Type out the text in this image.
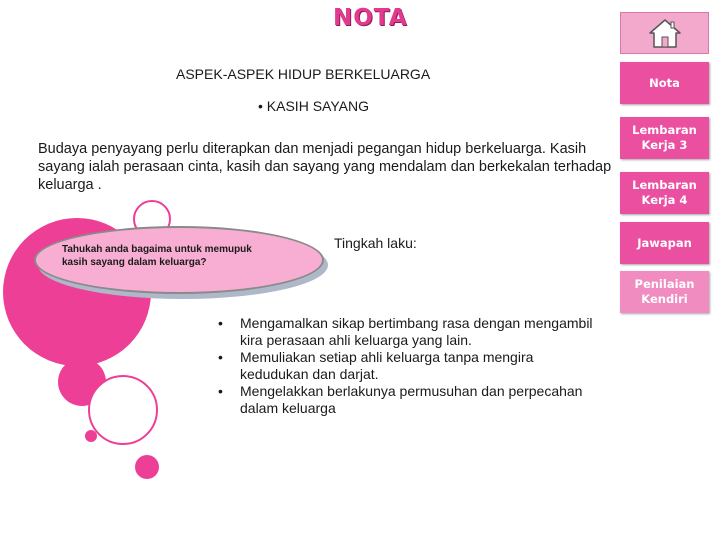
NOTA
ASPEK-ASPEK HIDUP BERKELUARGA
• KASIH SAYANG
Budaya penyayang perlu diterapkan dan menjadi pegangan hidup berkeluarga. Kasih sayang ialah perasaan cinta, kasih dan sayang yang mendalam dan berkekalan terhadap keluarga .
Tahukah anda bagaima untuk memupuk kasih sayang dalam keluarga?
Tingkah laku:
• Mengamalkan sikap bertimbang rasa dengan mengambil kira perasaan ahli keluarga yang lain.
• Memuliakan setiap ahli keluarga tanpa mengira kedudukan dan darjat.
• Mengelakkan berlakunya permusuhan dan perpecahan dalam keluarga
Nota
Lembaran Kerja 3
Lembaran Kerja 4
Jawapan
Penilaian Kendiri
